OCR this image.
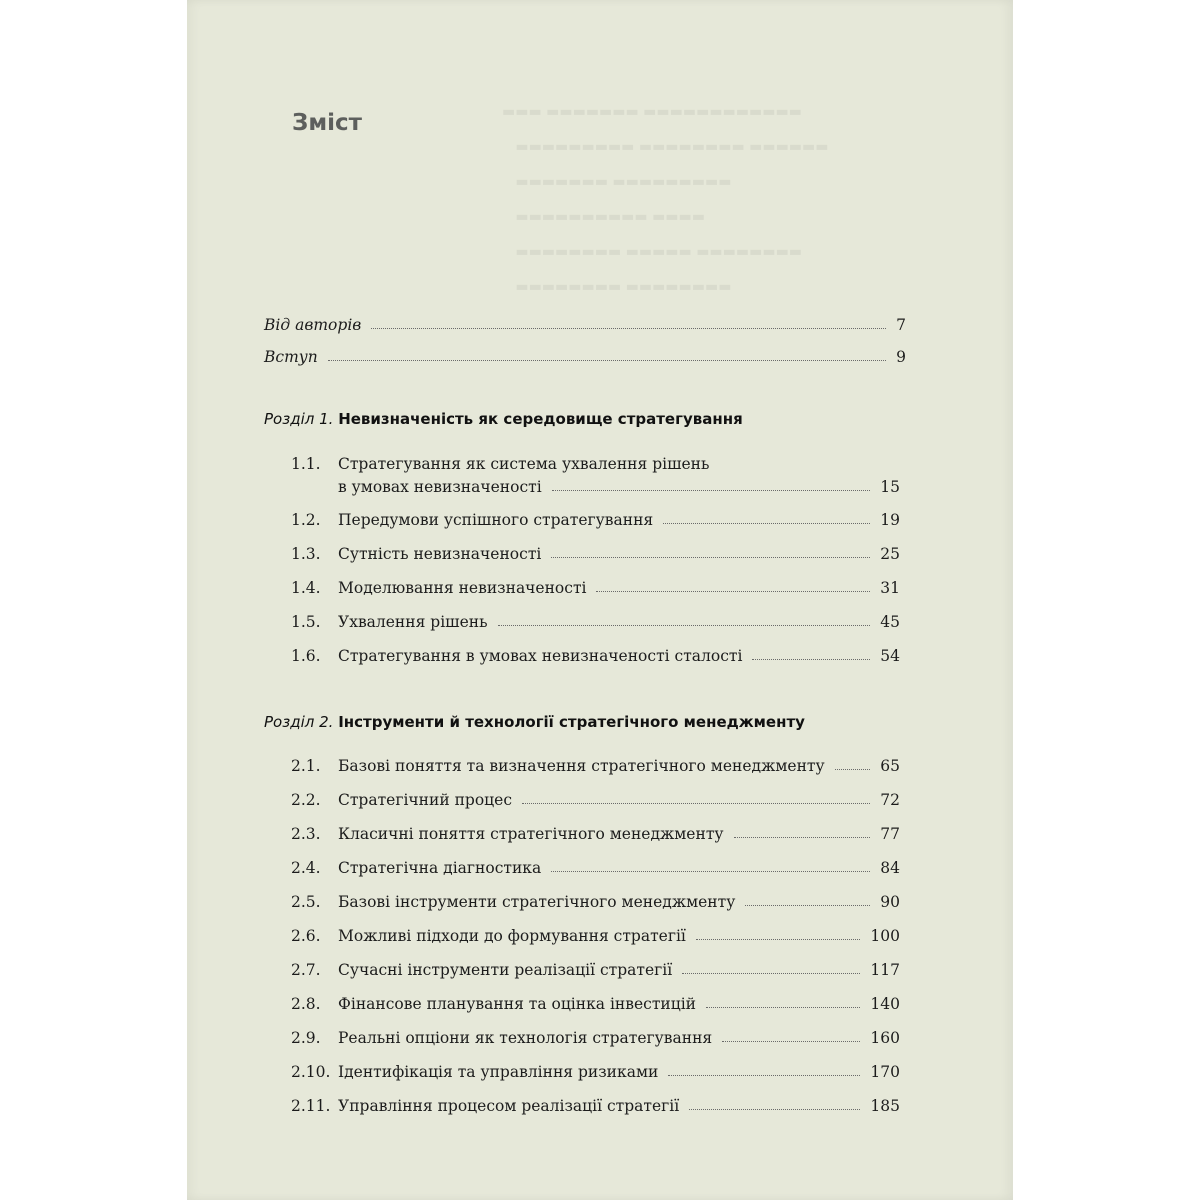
▬▬▬ ▬▬▬▬▬▬▬ ▬▬▬▬▬▬▬▬▬▬▬▬
▬▬▬▬▬▬▬▬▬ ▬▬▬▬▬▬▬▬ ▬▬▬▬▬▬
▬▬▬▬▬▬▬ ▬▬▬▬▬▬▬▬▬
▬▬▬▬▬▬▬▬▬▬ ▬▬▬▬
▬▬▬▬▬▬▬▬ ▬▬▬▬▬ ▬▬▬▬▬▬▬▬
▬▬▬▬▬▬▬▬ ▬▬▬▬▬▬▬▬
Зміст
Від авторів	7
Вступ	9
Розділ 1. Невизначеність як середовище стратегування
1.1. Стратегування як система ухвалення рішень
в умовах невизначеності	15
1.2. Передумови успішного стратегування	19
1.3. Сутність невизначеності	25
1.4. Моделювання невизначеності	31
1.5. Ухвалення рішень	45
1.6. Стратегування в умовах невизначеності сталості	54
Розділ 2. Інструменти й технології стратегічного менеджменту
2.1. Базові поняття та визначення стратегічного менеджменту	65
2.2. Стратегічний процес	72
2.3. Класичні поняття стратегічного менеджменту	77
2.4. Стратегічна діагностика	84
2.5. Базові інструменти стратегічного менеджменту	90
2.6. Можливі підходи до формування стратегії	100
2.7. Сучасні інструменти реалізації стратегії	117
2.8. Фінансове планування та оцінка інвестицій	140
2.9. Реальні опціони як технологія стратегування	160
2.10. Ідентифікація та управління ризиками	170
2.11. Управління процесом реалізації стратегії	185
